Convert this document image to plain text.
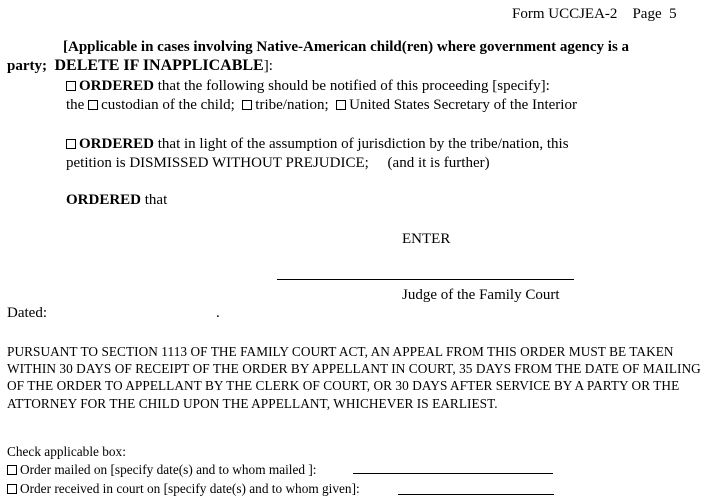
Form UCCJEA-2 Page 5
[Applicable in cases involving Native-American child(ren) where government agency is a
party; DELETE IF INAPPLICABLE]:
ORDERED that the following should be notified of this proceeding [specify]:
the custodian of the child; tribe/nation; United States Secretary of the Interior
ORDERED that in light of the assumption of jurisdiction by the tribe/nation, this
petition is DISMISSED WITHOUT PREJUDICE; (and it is further)
ORDERED that
ENTER
Judge of the Family Court
Dated:	.
PURSUANT TO SECTION 1113 OF THE FAMILY COURT ACT, AN APPEAL FROM THIS ORDER MUST BE TAKEN WITHIN 30 DAYS OF RECEIPT OF THE ORDER BY APPELLANT IN COURT, 35 DAYS FROM THE DATE OF MAILING OF THE ORDER TO APPELLANT BY THE CLERK OF COURT, OR 30 DAYS AFTER SERVICE BY A PARTY OR THE ATTORNEY FOR THE CHILD UPON THE APPELLANT, WHICHEVER IS EARLIEST.
Check applicable box:
Order mailed on [specify date(s) and to whom mailed ]:
Order received in court on [specify date(s) and to whom given]:
